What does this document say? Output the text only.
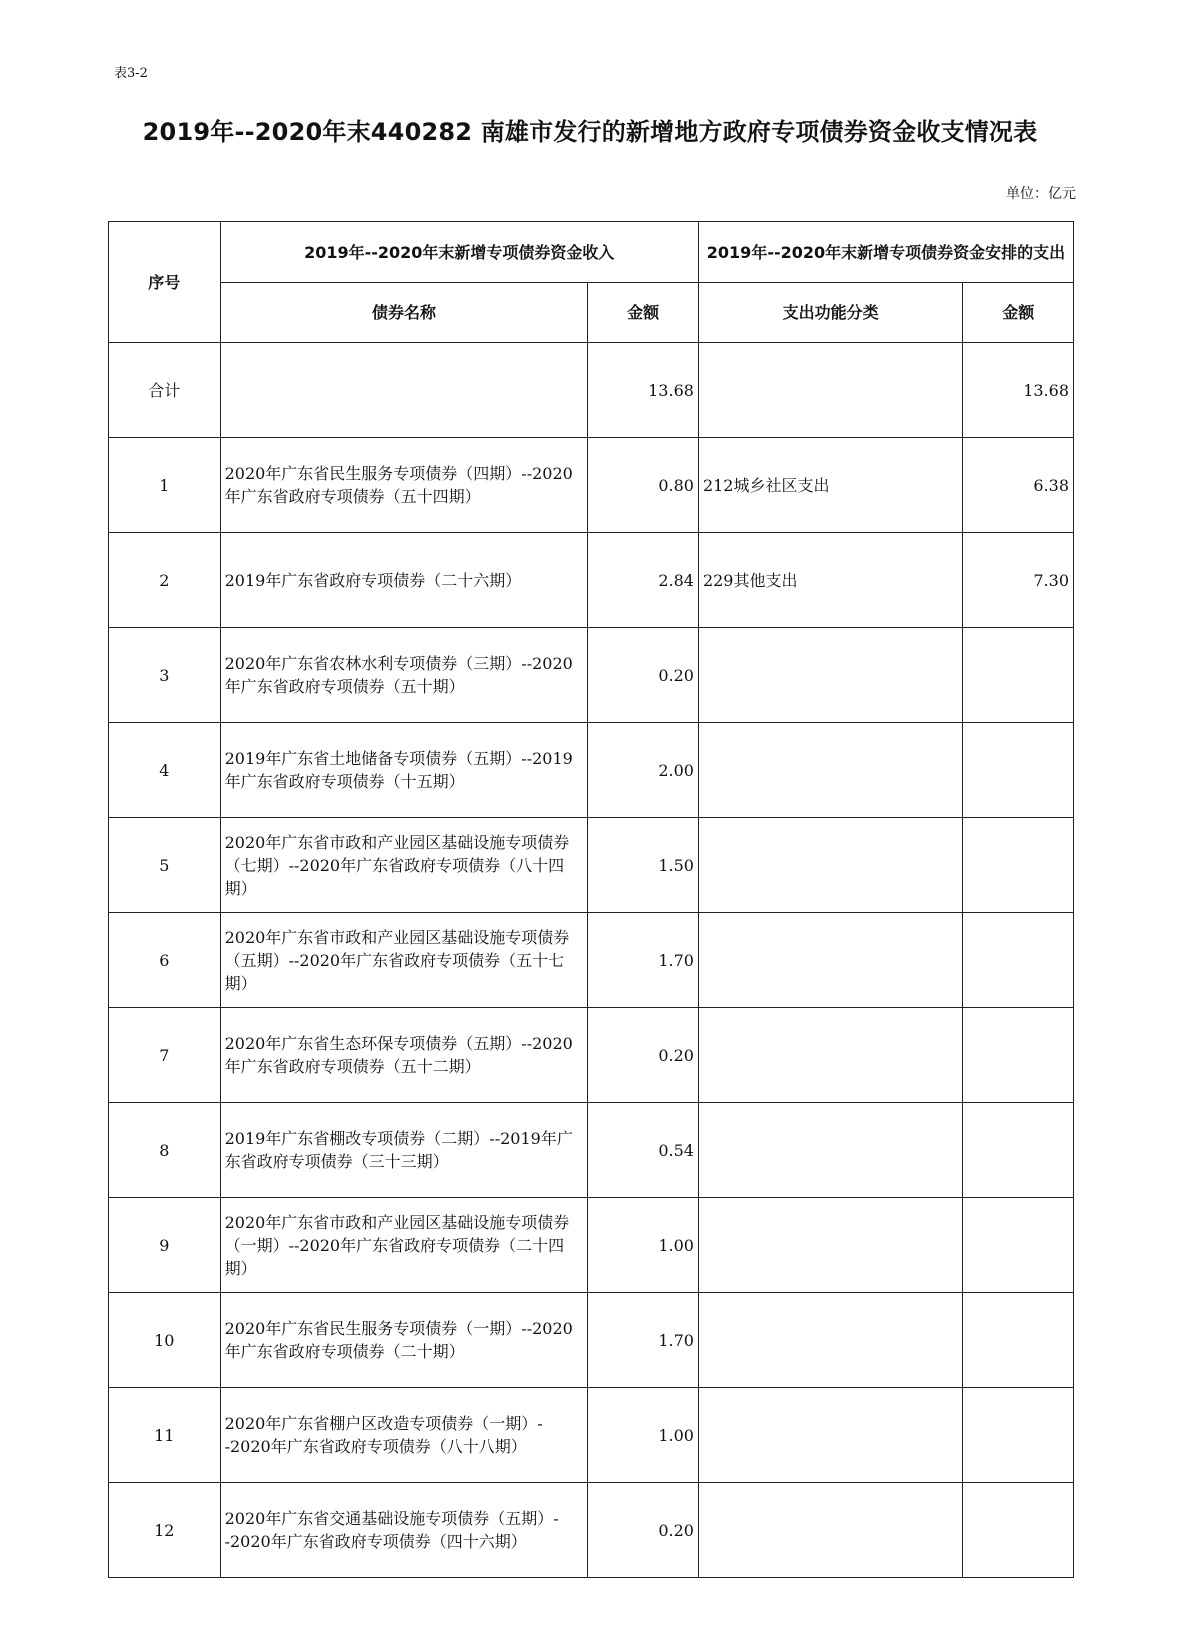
表3-2
2019年--2020年末440282 南雄市发行的新增地方政府专项债券资金收支情况表
单位：亿元
序号	2019年--2020年末新增专项债券资金收入		2019年--2020年末新增专项债券资金安排的支出	
	债券名称	金额	支出功能分类	金额
合计		13.68		13.68
1	2020年广东省民生服务专项债券（四期）--2020年广东省政府专项债券（五十四期）	0.80	212城乡社区支出	6.38
2	2019年广东省政府专项债券（二十六期）	2.84	229其他支出	7.30
3	2020年广东省农林水利专项债券（三期）--2020年广东省政府专项债券（五十期）	0.20		
4	2019年广东省土地储备专项债券（五期）--2019年广东省政府专项债券（十五期）	2.00		
5	2020年广东省市政和产业园区基础设施专项债券（七期）--2020年广东省政府专项债券（八十四期）	1.50		
6	2020年广东省市政和产业园区基础设施专项债券（五期）--2020年广东省政府专项债券（五十七期）	1.70		
7	2020年广东省生态环保专项债券（五期）--2020年广东省政府专项债券（五十二期）	0.20		
8	2019年广东省棚改专项债券（二期）--2019年广东省政府专项债券（三十三期）	0.54		
9	2020年广东省市政和产业园区基础设施专项债券（一期）--2020年广东省政府专项债券（二十四期）	1.00		
10	2020年广东省民生服务专项债券（一期）--2020年广东省政府专项债券（二十期）	1.70		
11	2020年广东省棚户区改造专项债券（一期）--2020年广东省政府专项债券（八十八期）	1.00		
12	2020年广东省交通基础设施专项债券（五期）--2020年广东省政府专项债券（四十六期）	0.20		
